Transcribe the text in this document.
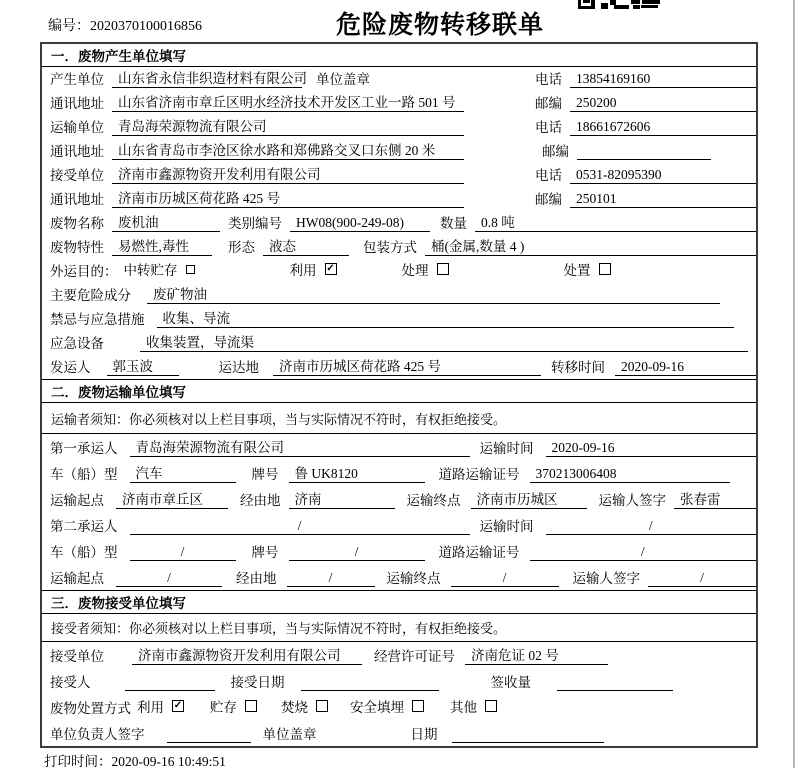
编号：2020370100016856	危险废物转移联单
一．废物产生单位填写
产生单位 山东省永信非织造材料有限公司 单位盖章	电话 13854169160
通讯地址 山东省济南市章丘区明水经济技术开发区工业一路 501 号	邮编 250200
运输单位 青岛海荣源物流有限公司	电话 18661672606
通讯地址 山东省青岛市李沧区徐水路和郑佛路交叉口东侧 20 米	邮编
接受单位 济南市鑫源物资开发利用有限公司	电话 0531-82095390
通讯地址 济南市历城区荷花路 425 号	邮编 250101
废物名称 废机油	类别编号 HW08(900-249-08)	数量 0.8 吨
废物特性 易燃性,毒性	形态 液态	包装方式 桶(金属,数量 4 )
外运目的： 中转贮存	利用 ✓	处理	处置
主要危险成分 废矿物油
禁忌与应急措施 收集、导流
应急设备	收集装置，导流渠
发运人 郭玉波	运达地 济南市历城区荷花路 425 号	转移时间 2020-09-16
二．废物运输单位填写
运输者须知：你必须核对以上栏目事项，当与实际情况不符时，有权拒绝接受。
第一承运人 青岛海荣源物流有限公司	运输时间 2020-09-16
车（船）型 汽车	牌号 鲁 UK8120	道路运输证号 370213006408
运输起点 济南市章丘区	经由地 济南	运输终点 济南市历城区	运输人签字 张春雷
第二承运人	/	运输时间	/
车（船）型	/	牌号	/	道路运输证号	/
运输起点	/	经由地	/	运输终点	/	运输人签字	/
三．废物接受单位填写
接受者须知：你必须核对以上栏目事项，当与实际情况不符时，有权拒绝接受。
接受单位	济南市鑫源物资开发利用有限公司 经营许可证号 济南危证 02 号
接受人	接受日期	签收量
废物处置方式 利用 ✓ 贮存	焚烧	安全填埋	其他
单位负责人签字	单位盖章	日期
打印时间：2020-09-16 10:49:51
